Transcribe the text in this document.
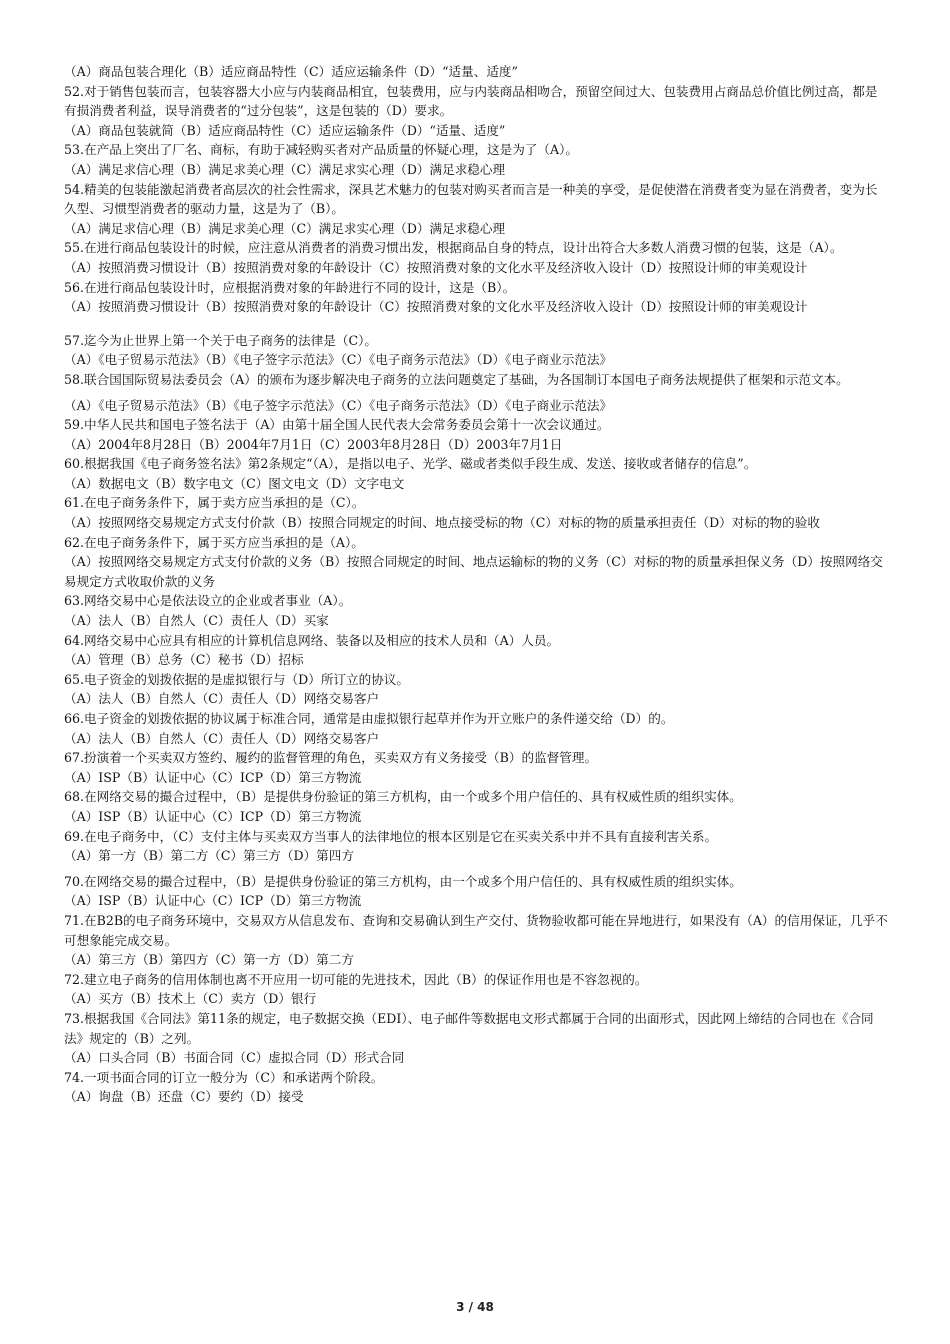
（A）商品包装合理化（B）适应商品特性（C）适应运输条件（D）“适量、适度”

52.对于销售包装而言，包装容器大小应与内装商品相宜，包装费用，应与内装商品相吻合，预留空间过大、包装费用占商品总价值比例过高，都是有损消费者利益，误导消费者的“过分包装”，这是包装的（D）要求。

（A）商品包装就简（B）适应商品特性（C）适应运输条件（D）“适量、适度”

53.在产品上突出了厂名、商标，有助于减轻购买者对产品质量的怀疑心理，这是为了（A）。

（A）满足求信心理（B）满足求美心理（C）满足求实心理（D）满足求稳心理

54.精美的包装能激起消费者高层次的社会性需求，深具艺术魅力的包装对购买者而言是一种美的享受，是促使潜在消费者变为显在消费者，变为长久型、习惯型消费者的驱动力量，这是为了（B）。

（A）满足求信心理（B）满足求美心理（C）满足求实心理（D）满足求稳心理

55.在进行商品包装设计的时候，应注意从消费者的消费习惯出发，根据商品自身的特点，设计出符合大多数人消费习惯的包装，这是（A）。

（A）按照消费习惯设计（B）按照消费对象的年龄设计（C）按照消费对象的文化水平及经济收入设计（D）按照设计师的审美观设计

56.在进行商品包装设计时，应根据消费对象的年龄进行不同的设计，这是（B）。

（A）按照消费习惯设计（B）按照消费对象的年龄设计（C）按照消费对象的文化水平及经济收入设计（D）按照设计师的审美观设计

57.迄今为止世界上第一个关于电子商务的法律是（C）。

（A）《电子贸易示范法》（B）《电子签字示范法》（C）《电子商务示范法》（D）《电子商业示范法》

58.联合国国际贸易法委员会（A）的颁布为逐步解决电子商务的立法问题奠定了基础，为各国制订本国电子商务法规提供了框架和示范文本。

（A）《电子贸易示范法》（B）《电子签字示范法》（C）《电子商务示范法》（D）《电子商业示范法》

59.中华人民共和国电子签名法于（A）由第十届全国人民代表大会常务委员会第十一次会议通过。

（A）2004年8月28日（B）2004年7月1日（C）2003年8月28日（D）2003年7月1日

60.根据我国《电子商务签名法》第2条规定“（A），是指以电子、光学、磁或者类似手段生成、发送、接收或者储存的信息”。

（A）数据电文（B）数字电文（C）图文电文（D）文字电文

61.在电子商务条件下，属于卖方应当承担的是（C）。

（A）按照网络交易规定方式支付价款（B）按照合同规定的时间、地点接受标的物（C）对标的物的质量承担责任（D）对标的物的验收

62.在电子商务条件下，属于买方应当承担的是（A）。

（A）按照网络交易规定方式支付价款的义务（B）按照合同规定的时间、地点运输标的物的义务（C）对标的物的质量承担保义务（D）按照网络交易规定方式收取价款的义务

63.网络交易中心是依法设立的企业或者事业（A）。

（A）法人（B）自然人（C）责任人（D）买家

64.网络交易中心应具有相应的计算机信息网络、装备以及相应的技术人员和（A）人员。

（A）管理（B）总务（C）秘书（D）招标

65.电子资金的划拨依据的是虚拟银行与（D）所订立的协议。

（A）法人（B）自然人（C）责任人（D）网络交易客户

66.电子资金的划拨依据的协议属于标准合同，通常是由虚拟银行起草并作为开立账户的条件递交给（D）的。

（A）法人（B）自然人（C）责任人（D）网络交易客户

67.扮演着一个买卖双方签约、履约的监督管理的角色，买卖双方有义务接受（B）的监督管理。

（A）ISP（B）认证中心（C）ICP（D）第三方物流

68.在网络交易的撮合过程中，（B）是提供身份验证的第三方机构，由一个或多个用户信任的、具有权威性质的组织实体。

（A）ISP（B）认证中心（C）ICP（D）第三方物流

69.在电子商务中，（C）支付主体与买卖双方当事人的法律地位的根本区别是它在买卖关系中并不具有直接利害关系。

（A）第一方（B）第二方（C）第三方（D）第四方

70.在网络交易的撮合过程中，（B）是提供身份验证的第三方机构，由一个或多个用户信任的、具有权威性质的组织实体。

（A）ISP（B）认证中心（C）ICP（D）第三方物流

71.在B2B的电子商务环境中，交易双方从信息发布、查询和交易确认到生产交付、货物验收都可能在异地进行，如果没有（A）的信用保证，几乎不可想象能完成交易。

（A）第三方（B）第四方（C）第一方（D）第二方

72.建立电子商务的信用体制也离不开应用一切可能的先进技术，因此（B）的保证作用也是不容忽视的。

（A）买方（B）技术上（C）卖方（D）银行

73.根据我国《合同法》第11条的规定，电子数据交换（EDI）、电子邮件等数据电文形式都属于合同的出面形式，因此网上缔结的合同也在《合同法》规定的（B）之列。

（A）口头合同（B）书面合同（C）虚拟合同（D）形式合同

74.一项书面合同的订立一般分为（C）和承诺两个阶段。

（A）询盘（B）还盘（C）要约（D）接受

3 / 48
